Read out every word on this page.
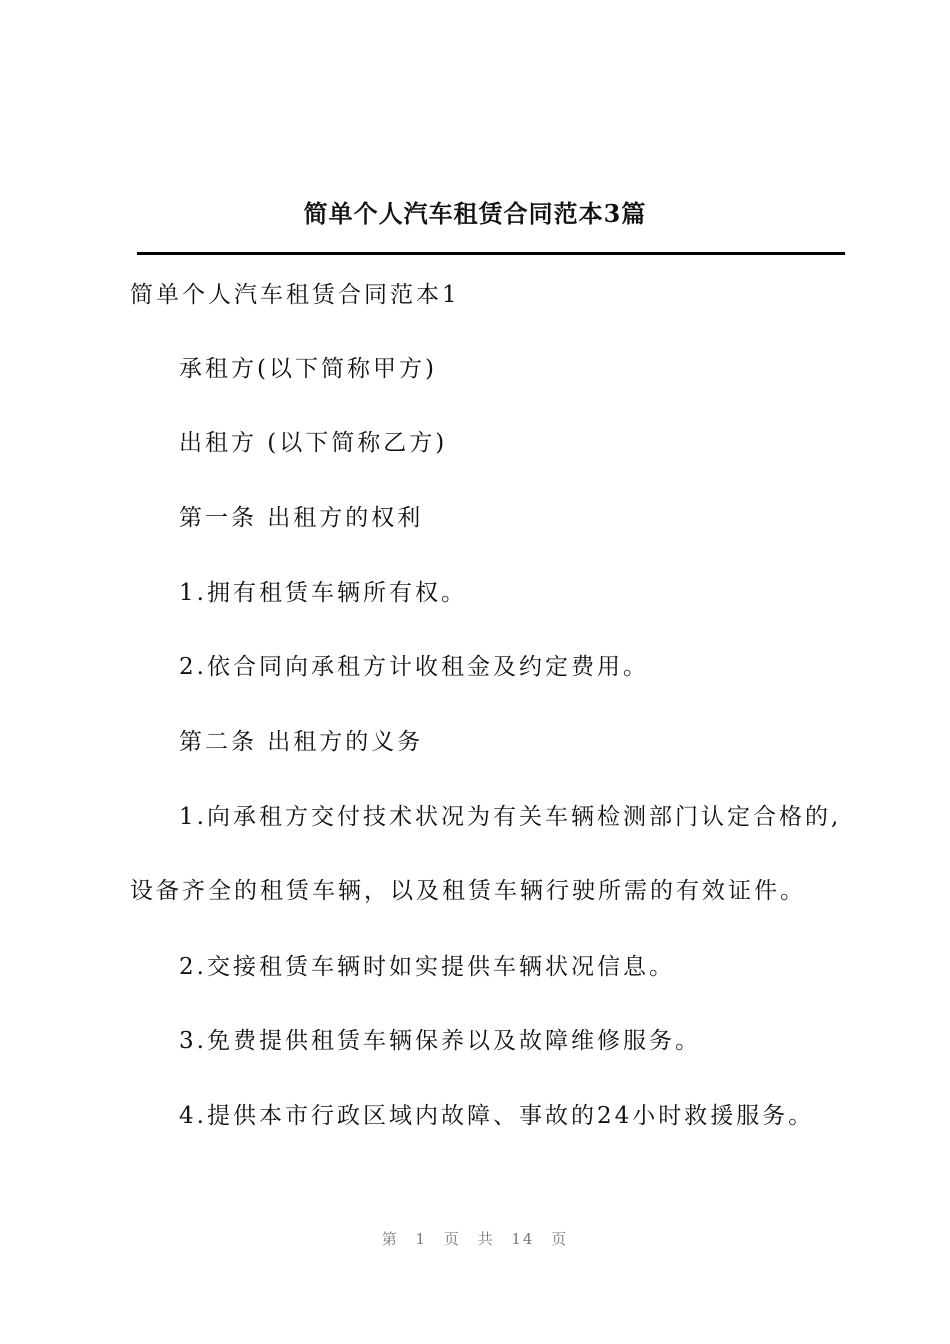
简单个人汽车租赁合同范本3篇
简单个人汽车租赁合同范本1
承租方(以下简称甲方)
出租方 (以下简称乙方)
第一条 出租方的权利
1.拥有租赁车辆所有权。
2.依合同向承租方计收租金及约定费用。
第二条 出租方的义务
1.向承租方交付技术状况为有关车辆检测部门认定合格的,
设备齐全的租赁车辆，以及租赁车辆行驶所需的有效证件。
2.交接租赁车辆时如实提供车辆状况信息。
3.免费提供租赁车辆保养以及故障维修服务。
4.提供本市行政区域内故障、事故的24小时救援服务。
第 1 页 共 14 页
